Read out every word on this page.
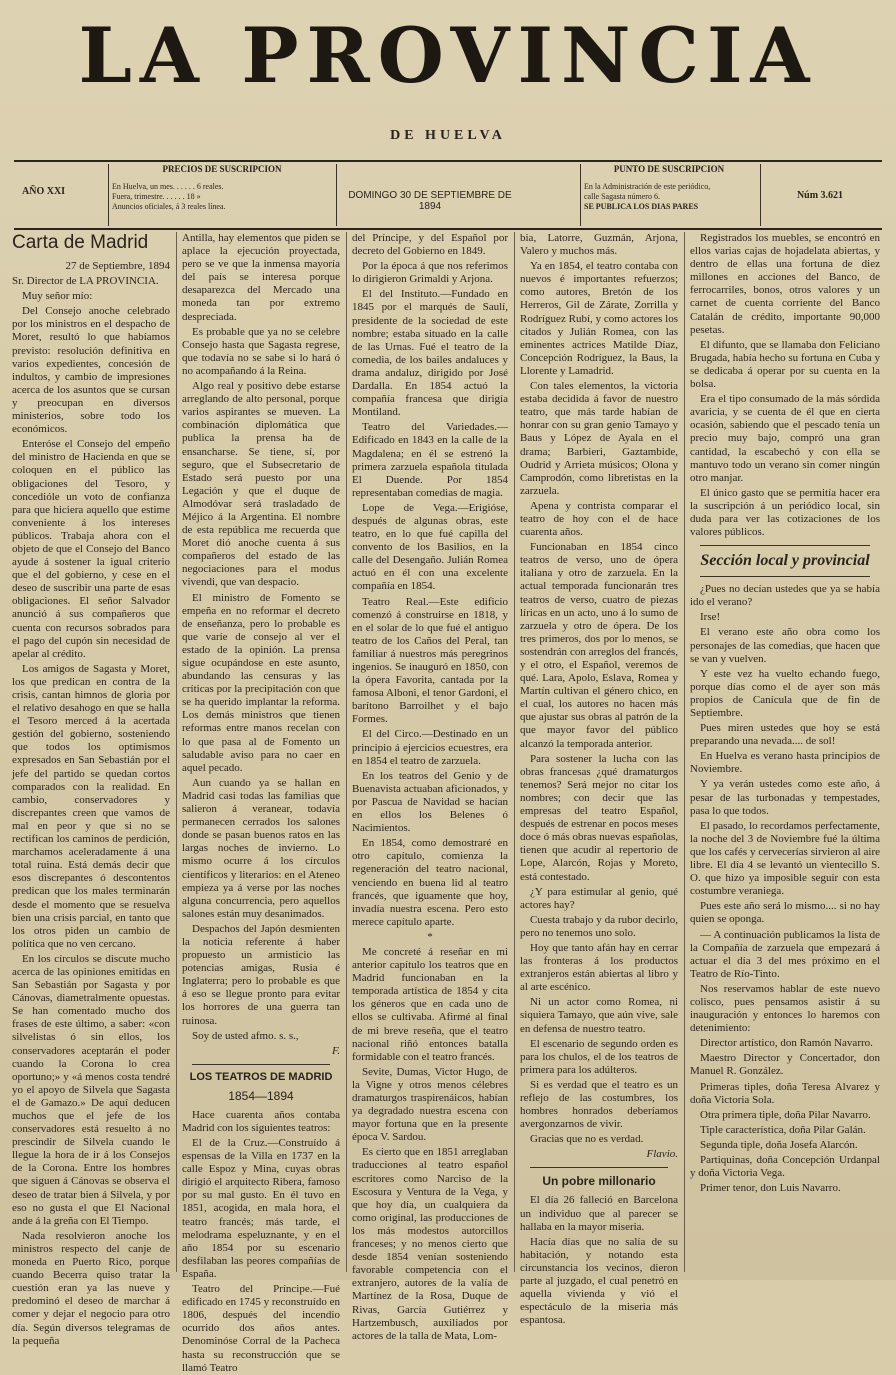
LA PROVINCIA
DE HUELVA
AÑO XXI
PRECIOS DE SUSCRIPCION
En Huelva, un mes. . . . . . 6 reales.
Fuera, trimestre. . . . . . 18 »
Anuncios oficiales, á 3 reales línea.
DOMINGO 30 DE SEPTIEMBRE DE 1894
PUNTO DE SUSCRIPCION
En la Administración de este periódico,
calle Sagasta número 6.
SE PUBLICA LOS DIAS PARES
Núm 3.621
Carta de Madrid

27 de Septiembre, 1894

Sr. Director de LA PROVINCIA.

Muy señor mío:

Del Consejo anoche celebrado por los ministros en el despacho de Moret, resultó lo que habíamos previsto: resolución definitiva en varios expedientes, concesión de indultos, y cambio de impresiones acerca de los asuntos que se cursan y preocupan en diversos ministerios, sobre todo los económicos.

Enteróse el Consejo del empeño del ministro de Hacienda en que se coloquen en el público las obligaciones del Tesoro, y concedióle un voto de confianza para que hiciera aquello que estime conveniente á los intereses públicos. Trabaja ahora con el objeto de que el Consejo del Banco ayude á sostener la igual criterio que el del gobierno, y cese en el deseo de suscribir una parte de esas obligaciones. El señor Salvador anunció á sus compañeros que cuenta con recursos sobrados para el pago del cupón sin necesidad de apelar al crédito.

Los amigos de Sagasta y Moret, los que predican en contra de la crisis, cantan himnos de gloria por el relativo desahogo en que se halla el Tesoro merced á la acertada gestión del gobierno, sosteniendo que todos los optimismos expresados en San Sebastián por el jefe del partido se quedan cortos comparados con la realidad. En cambio, conservadores y discrepantes creen que vamos de mal en peor y que si no se rectifican los caminos de perdición, marchamos aceleradamente á una total ruina. Está demás decir que esos discrepantes ó descontentos predican que los males terminarán desde el momento que se resuelva bien una crisis parcial, en tanto que los otros piden un cambio de política que no ven cercano.

En los círculos se discute mucho acerca de las opiniones emitidas en San Sebastián por Sagasta y por Cánovas, diametralmente opuestas. Se han comentado mucho dos frases de este último, a saber: «con silvelistas ó sin ellos, los conservadores aceptarán el poder cuando la Corona lo crea oportuno;» y «á menos costa tendré yo el apoyo de Silvela que Sagasta el de Gamazo.» De aquí deducen muchos que el jefe de los conservadores está resuelto á no prescindir de Silvela cuando le llegue la hora de ir á los Consejos de la Corona. Entre los hombres que siguen á Cánovas se observa el deseo de tratar bien á Silvela, y por eso no gusta el que El Nacional ande á la greña con El Tiempo.

Nada resolvieron anoche los ministros respecto del canje de moneda en Puerto Rico, porque cuando Becerra quiso tratar la cuestión eran ya las nueve y predominó el deseo de marchar á comer y dejar el negocio para otro día. Según diversos telegramas de la pequeña

Antilla, hay elementos que piden se aplace la ejecución proyectada, pero se ve que la inmensa mayoría del país se interesa porque desaparezca del Mercado una moneda tan por extremo despreciada.

Es probable que ya no se celebre Consejo hasta que Sagasta regrese, que todavía no se sabe si lo hará ó no acompañando á la Reina.

Algo real y positivo debe estarse arreglando de alto personal, porque varios aspirantes se mueven. La combinación diplomática que publica la prensa ha de ensancharse. Se tiene, sí, por seguro, que el Subsecretario de Estado será puesto por una Legación y que el duque de Almodóvar será trasladado de Méjico á la Argentina. El nombre de esta república me recuerda que Moret dió anoche cuenta á sus compañeros del estado de las negociaciones para el modus vivendi, que van despacio.

El ministro de Fomento se empeña en no reformar el decreto de enseñanza, pero lo probable es que varíe de consejo al ver el estado de la opinión. La prensa sigue ocupándose en este asunto, abundando las censuras y las críticas por la precipitación con que se ha querido implantar la reforma. Los demás ministros que tienen reformas entre manos recelan con lo que pasa al de Fomento un saludable aviso para no caer en aquel pecado.

Aun cuando ya se hallan en Madrid casi todas las familias que salieron á veranear, todavía permanecen cerrados los salones donde se pasan buenos ratos en las largas noches de invierno. Lo mismo ocurre á los círculos científicos y literarios: en el Ateneo empieza ya á verse por las noches alguna concurrencia, pero aquellos salones están muy desanimados.

Despachos del Japón desmienten la noticia referente á haber propuesto un armisticio las potencias amigas, Rusia é Inglaterra; pero lo probable es que á eso se llegue pronto para evitar los horrores de una guerra tan ruinosa.

Soy de usted afmo. s. s.,

F.

LOS TEATROS DE MADRID
1854—1894

Hace cuarenta años contaba Madrid con los siguientes teatros:

El de la Cruz.—Construído á espensas de la Villa en 1737 en la calle Espoz y Mina, cuyas obras dirigió el arquitecto Ribera, famoso por su mal gusto. En él tuvo en 1851, acogida, en mala hora, el teatro francés; más tarde, el melodrama espeluznante, y en el año 1854 por su escenario desfilaban las peores compañías de España.

Teatro del Príncipe.—Fué edificado en 1745 y reconstruído en 1806, después del incendio ocurrido dos años antes. Denominóse Corral de la Pacheca hasta su reconstrucción que se llamó Teatro

del Príncipe, y del Español por decreto del Gobierno en 1849.

Por la época á que nos referimos lo dirigieron Grimaldi y Arjona.

El del Instituto.—Fundado en 1845 por el marqués de Saulí, presidente de la sociedad de este nombre; estaba situado en la calle de las Urnas. Fué el teatro de la comedia, de los bailes andaluces y drama andaluz, dirigido por José Dardalla. En 1854 actuó la compañía francesa que dirigía Montiland.

Teatro del Variedades.—Edificado en 1843 en la calle de la Magdalena; en él se estrenó la primera zarzuela española titulada El Duende. Por 1854 representaban comedias de magia.

Lope de Vega.—Erigióse, después de algunas obras, este teatro, en lo que fué capilla del convento de los Basilios, en la calle del Desengaño. Julián Romea actuó en él con una excelente compañía en 1854.

Teatro Real.—Este edificio comenzó á construirse en 1818, y en el solar de lo que fué el antiguo teatro de los Caños del Peral, tan familiar á nuestros más peregrinos ingenios. Se inauguró en 1850, con la ópera Favorita, cantada por la famosa Alboni, el tenor Gardoni, el barítono Barroilhet y el bajo Formes.

El del Circo.—Destinado en un principio á ejercicios ecuestres, era en 1854 el teatro de zarzuela.

En los teatros del Genio y de Buenavista actuaban aficionados, y por Pascua de Navidad se hacían en ellos los Belenes ó Nacimientos.

En 1854, como demostraré en otro capítulo, comienza la regeneración del teatro nacional, venciendo en buena lid al teatro francés, que iguamente que hoy, invadía nuestra escena. Pero esto merece capítulo aparte.

*

Me concreté á reseñar en mi anterior capítulo los teatros que en Madrid funcionaban en la temporada artística de 1854 y cita los géneros que en cada uno de ellos se cultivaba. Afirmé al final de mi breve reseña, que el teatro nacional riñó entonces batalla formidable con el teatro francés.

Sevite, Dumas, Victor Hugo, de la Vigne y otros menos célebres dramaturgos traspirenáicos, habían ya degradado nuestra escena con mayor fortuna que en la presente época V. Sardou.

Es cierto que en 1851 arreglaban traducciones al teatro español escritores como Narciso de la Escosura y Ventura de la Vega, y que hoy día, un cualquiera da como original, las producciones de los más modestos autorcillos franceses; y no menos cierto que desde 1854 venían sosteniendo favorable competencia con el extranjero, autores de la valía de Martínez de la Rosa, Duque de Rivas, García Gutiérrez y Hartzembusch, auxiliados por actores de la talla de Mata, Lom-

bia, Latorre, Guzmán, Arjona, Valero y muchos más.

Ya en 1854, el teatro contaba con nuevos é importantes refuerzos; como autores, Bretón de los Herreros, Gil de Zárate, Zorrilla y Rodríguez Rubí, y como actores los citados y Julián Romea, con las eminentes actrices Matilde Díaz, Concepción Rodríguez, la Baus, la Llorente y Lamadrid.

Con tales elementos, la victoria estaba decidida á favor de nuestro teatro, que más tarde habían de honrar con su gran genio Tamayo y Baus y López de Ayala en el drama; Barbieri, Gaztambide, Oudrid y Arrieta músicos; Olona y Camprodón, como libretistas en la zarzuela.

Apena y contrista comparar el teatro de hoy con el de hace cuarenta años.

Funcionaban en 1854 cinco teatros de verso, uno de ópera italiana y otro de zarzuela. En la actual temporada funcionarán tres teatros de verso, cuatro de piezas líricas en un acto, uno á lo sumo de zarzuela y otro de ópera. De los tres primeros, dos por lo menos, se sostendrán con arreglos del francés, y el otro, el Español, veremos de qué. Lara, Apolo, Eslava, Romea y Martín cultivan el género chico, en el cual, los autores no hacen más que ajustar sus obras al patrón de la que mayor favor del público alcanzó la temporada anterior.

Para sostener la lucha con las obras francesas ¿qué dramaturgos tenemos? Será mejor no citar los nombres; con decir que las empresas del teatro Español, después de estrenar en pocos meses doce ó más obras nuevas españolas, tienen que acudir al repertorio de Lope, Alarcón, Rojas y Moreto, está contestado.

¿Y para estimular al genio, qué actores hay?

Cuesta trabajo y da rubor decirlo, pero no tenemos uno solo.

Hoy que tanto afán hay en cerrar las fronteras á los productos extranjeros están abiertas al libro y al arte escénico.

Ni un actor como Romea, ni siquiera Tamayo, que aún vive, sale en defensa de nuestro teatro.

El escenario de segundo orden es para los chulos, el de los teatros de primera para los adúlteros.

Si es verdad que el teatro es un reflejo de las costumbres, los hombres honrados deberíamos avergonzarnos de vivir.

Gracias que no es verdad.

Flavio.

Un pobre millonario

El día 26 falleció en Barcelona un individuo que al parecer se hallaba en la mayor miseria.

Hacía días que no salía de su habitación, y notando esta circunstancia los vecinos, dieron parte al juzgado, el cual penetró en aquella vivienda y vió el espectáculo de la miseria más espantosa.

Registrados los muebles, se encontró en ellos varias cajas de hojadelata abiertas, y dentro de ellas una fortuna de diez millones en acciones del Banco, de ferrocarriles, bonos, otros valores y un carnet de cuenta corriente del Banco Catalán de crédito, importante 90,000 pesetas.

El difunto, que se llamaba don Feliciano Brugada, había hecho su fortuna en Cuba y se dedicaba á operar por su cuenta en la bolsa.

Era el tipo consumado de la más sórdida avaricia, y se cuenta de él que en cierta ocasión, sabiendo que el pescado tenía un precio muy bajo, compró una gran cantidad, la escabechó y con ella se mantuvo todo un verano sin comer ningún otro manjar.

El único gasto que se permitía hacer era la suscripción á un periódico local, sin duda para ver las cotizaciones de los valores públicos.

Sección local y provincial

¿Pues no decían ustedes que ya se había ido el verano?

Irse!

El verano este año obra como los personajes de las comedias, que hacen que se van y vuelven.

Y este vez ha vuelto echando fuego, porque días como el de ayer son más propios de Canícula que de fin de Septiembre.

Pues miren ustedes que hoy se está preparando una nevada.... de sol!

En Huelva es verano hasta principios de Noviembre.

Y ya verán ustedes como este año, á pesar de las turbonadas y tempestades, pasa lo que todos.

El pasado, lo recordamos perfectamente, la noche del 3 de Noviembre fué la última que los cafés y cervecerías sirvieron al aire libre. El día 4 se levantó un vientecillo S. O. que hizo ya imposible seguir con esta costumbre veraniega.

Pues este año será lo mismo.... si no hay quien se oponga.

— A continuación publicamos la lista de la Compañía de zarzuela que empezará á actuar el día 3 del mes próximo en el Teatro de Río-Tinto.

Nos reservamos hablar de este nuevo colisco, pues pensamos asistir á su inauguración y entonces lo haremos con detenimiento:

Director artístico, don Ramón Navarro.

Maestro Director y Concertador, don Manuel R. González.

Primeras tiples, doña Teresa Alvarez y doña Victoria Sola.

Otra primera tiple, doña Pilar Navarro.

Tiple característica, doña Pilar Galán.

Segunda tiple, doña Josefa Alarcón.

Partiquinas, doña Concepción Urdanpal y doña Victoria Vega.

Primer tenor, don Luis Navarro.
